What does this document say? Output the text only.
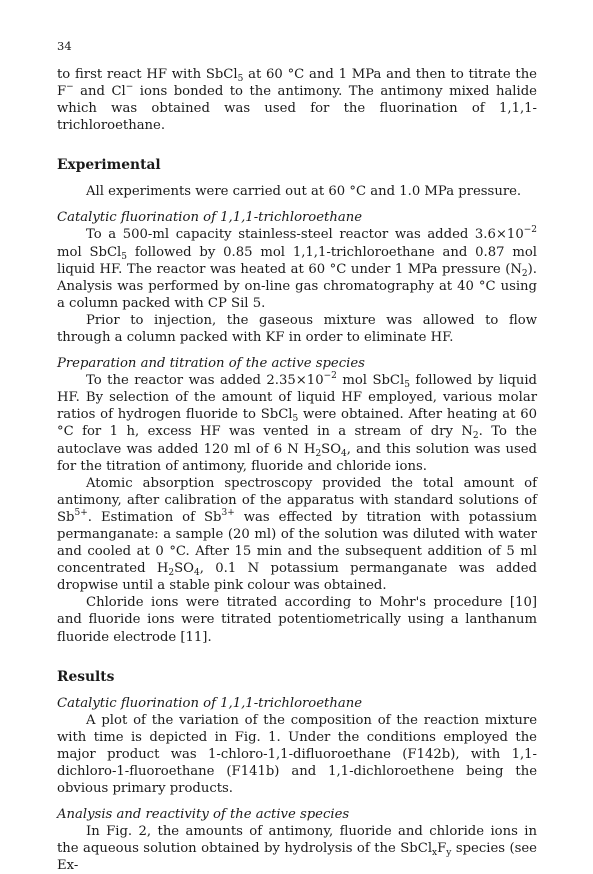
34

to first react HF with SbCl$_5$ at 60 °C and 1 MPa and then to titrate the F− and Cl− ions bonded to the antimony. The antimony mixed halide which was obtained was used for the fluorination of 1,1,1-trichloroethane.

Experimental

All experiments were carried out at 60 °C and 1.0 MPa pressure.

Catalytic fluorination of 1,1,1-trichloroethane

To a 500-ml capacity stainless-steel reactor was added $3.6\times 10^{-2}$ mol SbCl$_5$ followed by 0.85 mol 1,1,1-trichloroethane and 0.87 mol liquid HF. The reactor was heated at 60 °C under 1 MPa pressure $(N_2)$. Analysis was performed by on-line gas chromatography at 40 °C using a column packed with CP Sil 5.

Prior to injection, the gaseous mixture was allowed to flow through a column packed with KF in order to eliminate HF.

Preparation and titration of the active species

To the reactor was added $2.35\times 10^{-2}$ mol SbCl$_5$ followed by liquid HF. By selection of the amount of liquid HF employed, various molar ratios of hydrogen fluoride to SbCl$_5$ were obtained. After heating at 60 °C for 1 h, excess HF was vented in a stream of dry $N_2$. To the autoclave was added 120 ml of 6 N $H_2SO_4$, and this solution was used for the titration of antimony, fluoride and chloride ions.

Atomic absorption spectroscopy provided the total amount of antimony, after calibration of the apparatus with standard solutions of $Sb^{5+}$. Estimation of $Sb^{3+}$ was effected by titration with potassium permanganate: a sample (20 ml) of the solution was diluted with water and cooled at 0 °C. After 15 min and the subsequent addition of 5 ml concentrated $H_2SO_4$, 0.1 N potassium permanganate was added dropwise until a stable pink colour was obtained.

Chloride ions were titrated according to Mohr's procedure [10] and fluoride ions were titrated potentiometrically using a lanthanum fluoride electrode [11].

Results
Catalytic fluorination of 1,1,1-trichloroethane

A plot of the variation of the composition of the reaction mixture with time is depicted in Fig. 1. Under the conditions employed the major product was 1-chloro-1,1-difluoroethane (F142b), with 1,1-dichloro-1-fluoroethane (F141b) and 1,1-dichloroethene being the obvious primary products.

Analysis and reactivity of the active species

In Fig. 2, the amounts of antimony, fluoride and chloride ions in the aqueous solution obtained by hydrolysis of the $SbCl_xF_y$ species (see Ex-
